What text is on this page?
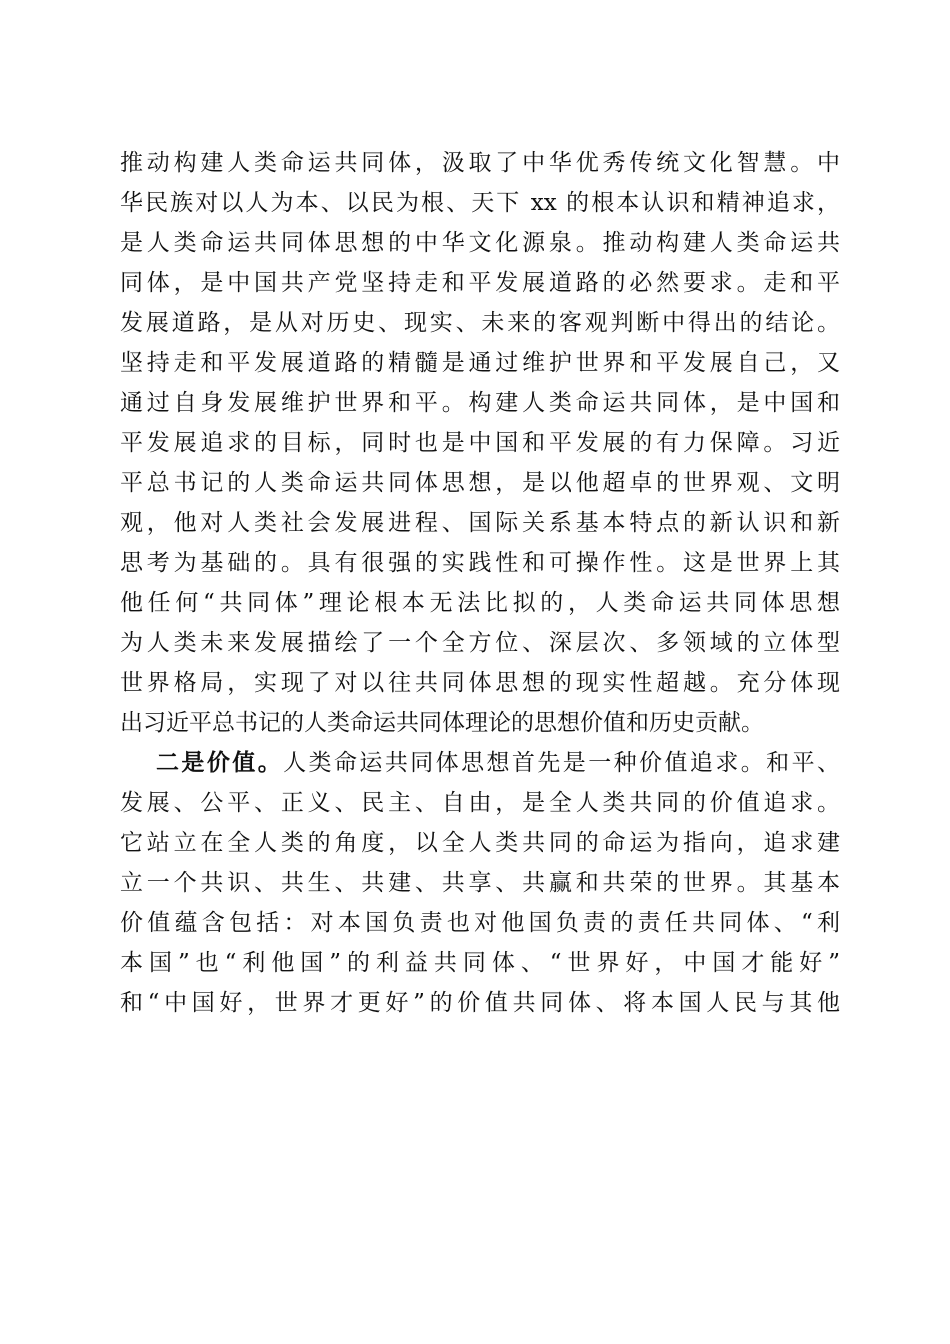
推动构建人类命运共同体，汲取了中华优秀传统文化智慧。中
华民族对以人为本、以民为根、天下 xx 的根本认识和精神追求，
是人类命运共同体思想的中华文化源泉。推动构建人类命运共
同体，是中国共产党坚持走和平发展道路的必然要求。走和平
发展道路，是从对历史、现实、未来的客观判断中得出的结论。
坚持走和平发展道路的精髓是通过维护世界和平发展自己，又
通过自身发展维护世界和平。构建人类命运共同体，是中国和
平发展追求的目标，同时也是中国和平发展的有力保障。习近
平总书记的人类命运共同体思想，是以他超卓的世界观、文明
观，他对人类社会发展进程、国际关系基本特点的新认识和新
思考为基础的。具有很强的实践性和可操作性。这是世界上其
他任何“共同体”理论根本无法比拟的，人类命运共同体思想
为人类未来发展描绘了一个全方位、深层次、多领域的立体型
世界格局，实现了对以往共同体思想的现实性超越。充分体现
出习近平总书记的人类命运共同体理论的思想价值和历史贡献。
二是价值。人类命运共同体思想首先是一种价值追求。和平、
发展、公平、正义、民主、自由，是全人类共同的价值追求。
它站立在全人类的角度，以全人类共同的命运为指向，追求建
立一个共识、共生、共建、共享、共赢和共荣的世界。其基本
价值蕴含包括：对本国负责也对他国负责的责任共同体、“利
本国”也“利他国”的利益共同体、“世界好，中国才能好”
和“中国好，世界才更好”的价值共同体、将本国人民与其他
